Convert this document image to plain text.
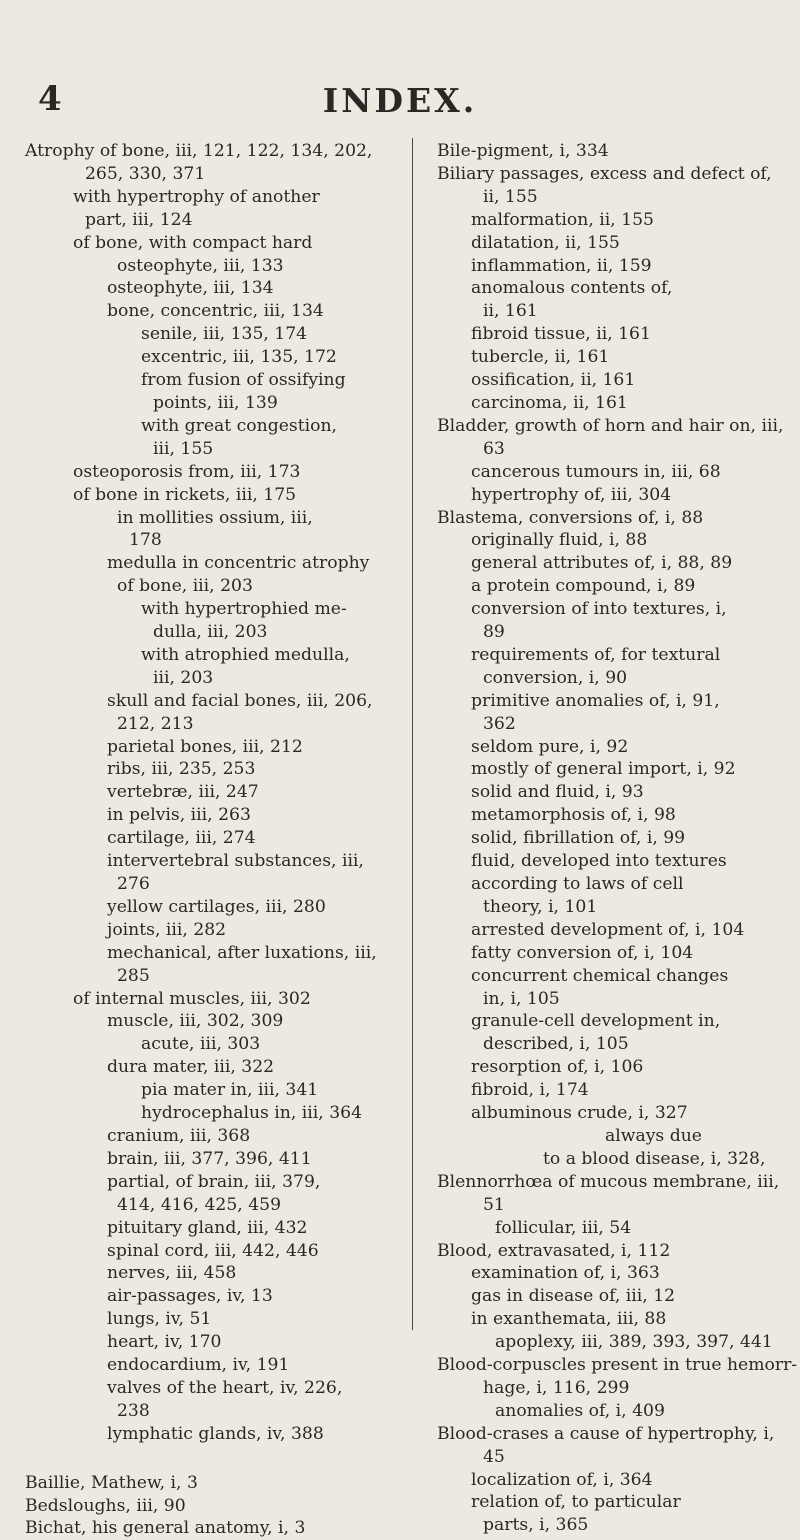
4	INDEX.
Atrophy of bone, iii, 121, 122, 134, 202,
265, 330, 371
with hypertrophy of another
part, iii, 124
of bone, with compact hard
osteophyte, iii, 133
osteophyte, iii, 134
bone, concentric, iii, 134
senile, iii, 135, 174
excentric, iii, 135, 172
from fusion of ossifying
points, iii, 139
with great congestion,
iii, 155
osteoporosis from, iii, 173
of bone in rickets, iii, 175
in mollities ossium, iii,
178
medulla in concentric atrophy
of bone, iii, 203
with hypertrophied me-
dulla, iii, 203
with atrophied medulla,
iii, 203
skull and facial bones, iii, 206,
212, 213
parietal bones, iii, 212
ribs, iii, 235, 253
vertebræ, iii, 247
in pelvis, iii, 263
cartilage, iii, 274
intervertebral substances, iii,
276
yellow cartilages, iii, 280
joints, iii, 282
mechanical, after luxations, iii,
285
of internal muscles, iii, 302
muscle, iii, 302, 309
acute, iii, 303
dura mater, iii, 322
pia mater in, iii, 341
hydrocephalus in, iii, 364
cranium, iii, 368
brain, iii, 377, 396, 411
partial, of brain, iii, 379,
414, 416, 425, 459
pituitary gland, iii, 432
spinal cord, iii, 442, 446
nerves, iii, 458
air-passages, iv, 13
lungs, iv, 51
heart, iv, 170
endocardium, iv, 191
valves of the heart, iv, 226,
238
lymphatic glands, iv, 388
Baillie, Mathew, i, 3
Bedsloughs, iii, 90
Bichat, his general anatomy, i, 3
Bile-pigment, i, 334
Biliary passages, excess and defect of,
ii, 155
malformation, ii, 155
dilatation, ii, 155
inflammation, ii, 159
anomalous contents of,
ii, 161
fibroid tissue, ii, 161
tubercle, ii, 161
ossification, ii, 161
carcinoma, ii, 161
Bladder, growth of horn and hair on, iii,
63
cancerous tumours in, iii, 68
hypertrophy of, iii, 304
Blastema, conversions of, i, 88
originally fluid, i, 88
general attributes of, i, 88, 89
a protein compound, i, 89
conversion of into textures, i,
89
requirements of, for textural
conversion, i, 90
primitive anomalies of, i, 91,
362
seldom pure, i, 92
mostly of general import, i, 92
solid and fluid, i, 93
metamorphosis of, i, 98
solid, fibrillation of, i, 99
fluid, developed into textures
according to laws of cell
theory, i, 101
arrested development of, i, 104
fatty conversion of, i, 104
concurrent chemical changes
in, i, 105
granule-cell development in,
described, i, 105
resorption of, i, 106
fibroid, i, 174
albuminous crude, i, 327
always due
to a blood disease, i, 328,
Blennorrhœa of mucous membrane, iii,
51
follicular, iii, 54
Blood, extravasated, i, 112
examination of, i, 363
gas in disease of, iii, 12
in exanthemata, iii, 88
apoplexy, iii, 389, 393, 397, 441
Blood-corpuscles present in true hemorr-
hage, i, 116, 299
anomalies of, i, 409
Blood-crases a cause of hypertrophy, i,
45
localization of, i, 364
relation of, to particular
parts, i, 365
